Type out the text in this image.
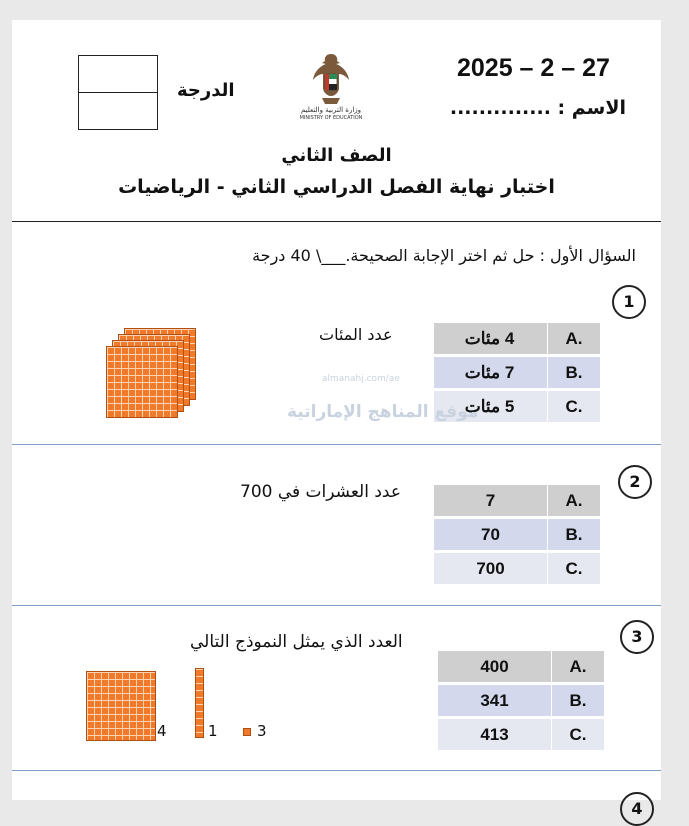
الدرجة
وزارة التربية والتعليم
MINISTRY OF EDUCATION
2025 – 2 – 27
الاسم : ..............
الصف الثاني
اختبار نهاية الفصل الدراسي الثاني - الرياضيات
السؤال الأول : حل ثم اختر الإجابة الصحيحة.___\ 40 درجة
1
عدد المئات	4 مئات	A.
7 مئات	B.
5 مئات	C.
almanahj.com/ae
موقع المناهج الإماراتية
2
عدد العشرات في 700	7	A.
70	B.
700	C.
3
العدد الذي يمثل النموذج التالي
400	A.
341	B.
413	C.
4	1	3
4
